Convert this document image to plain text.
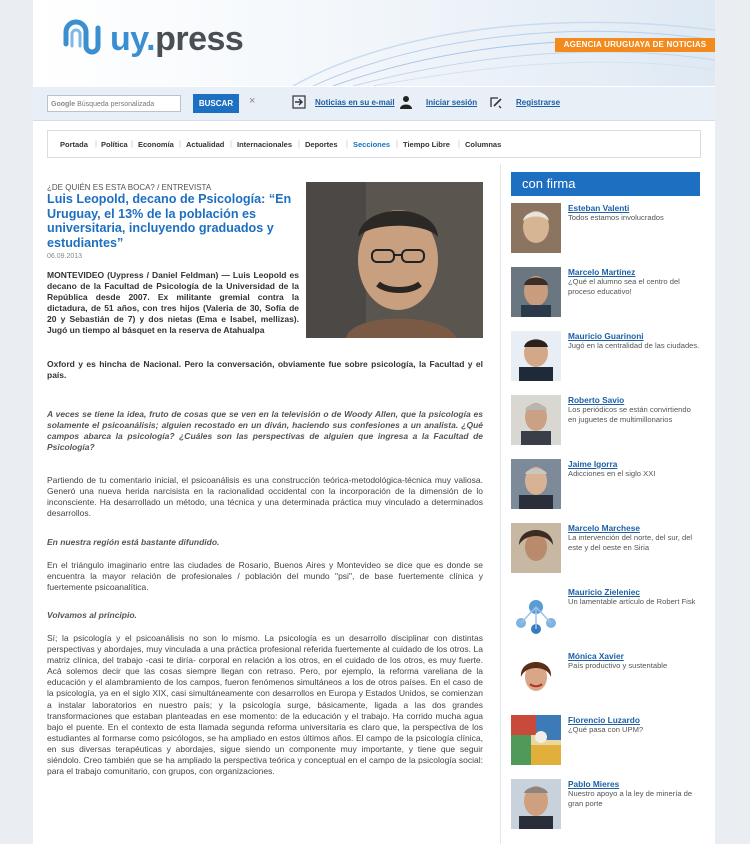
uy.press	AGENCIA URUGUAYA DE NOTICIAS
Google Búsqueda personalizada	BUSCAR	×	Noticias en su e-mail	Iniciar sesión	Registrarse
Portada | Política | Economía | Actualidad | Internacionales | Deportes | Secciones | Tiempo Libre | Columnas
¿DE QUIÉN ES ESTA BOCA? / ENTREVISTA
Luis Leopold, decano de Psicología: “En Uruguay, el 13% de la población es universitaria, incluyendo graduados y estudiantes”
06.09.2013

MONTEVIDEO (Uypress / Daniel Feldman) — Luis Leopold es decano de la Facultad de Psicología de la Universidad de la República desde 2007. Ex militante gremial contra la dictadura, de 51 años, con tres hijos (Valeria de 30, Sofía de 20 y Sebastián de 7) y dos nietas (Ema e Isabel, mellizas). Jugó un tiempo al básquet en la reserva de Atahualpa

Oxford y es hincha de Nacional. Pero la conversación, obviamente fue sobre psicología, la Facultad y el país.

A veces se tiene la idea, fruto de cosas que se ven en la televisión o de Woody Allen, que la psicología es solamente el psicoanálisis; alguien recostado en un diván, haciendo sus confesiones a un analista. ¿Qué campos abarca la psicología? ¿Cuáles son las perspectivas de alguien que ingresa a la Facultad de Psicología?

Partiendo de tu comentario inicial, el psicoanálisis es una construcción teórica-metodológica-técnica muy valiosa. Generó una nueva herida narcisista en la racionalidad occidental con la incorporación de la dimensión de lo inconsciente. Ha desarrollado un método, una técnica y una determinada práctica muy vinculado a determinados desarrollos.

En nuestra región está bastante difundido.

En el triángulo imaginario entre las ciudades de Rosario, Buenos Aires y Montevideo se dice que es donde se encuentra la mayor relación de profesionales / población del mundo "psi", de base fuertemente clínica y fuertemente psicoanalítica.

Volvamos al principio.

Sí; la psicología y el psicoanálisis no son lo mismo. La psicología es un desarrollo disciplinar con distintas perspectivas y abordajes, muy vinculada a una práctica profesional referida fuertemente al cuidado de los otros. La matriz clínica, del trabajo -casi te diría- corporal en relación a los otros, en el cuidado de los otros, es muy fuerte. Acá solemos decir que las cosas siempre llegan con retraso. Pero, por ejemplo, la reforma vareliana de la educación y el alambramiento de los campos, fueron fenómenos simultáneos a los de otros países. En el caso de la psicología, ya en el siglo XIX, casi simultáneamente con desarrollos en Europa y Estados Unidos, se comienzan a instalar laboratorios en nuestro país; y la psicología surge, básicamente, ligada a las dos grandes transformaciones que estaban planteadas en ese momento: de la educación y el trabajo. Ha corrido mucha agua bajo el puente. En el contexto de esta llamada segunda reforma universitaria es claro que, la perspectiva de los estudiantes al formarse como psicólogos, se ha ampliado en estos últimos años. El campo de la psicología clínica, en sus diversas terapéuticas y abordajes, sigue siendo un componente muy importante, y tiene que seguir siéndolo. Creo también que se ha ampliado la perspectiva teórica y conceptual en el campo de la psicología social: para el trabajo comunitario, con grupos, con organizaciones.

con firma
Esteban Valenti
Todos estamos involucrados
Marcelo Martínez
¿Qué el alumno sea el centro del proceso educativo!
Mauricio Guarinoni
Jugó en la centralidad de las ciudades.
Roberto Savio
Los periódicos se están convirtiendo en juguetes de multimillonarios
Jaime Igorra
Adicciones en el siglo XXI
Marcelo Marchese
La intervención del norte, del sur, del este y del oeste en Siria
Mauricio Zieleniec
Un lamentable artículo de Robert Fisk
Mónica Xavier
País productivo y sustentable
Florencio Luzardo
¿Qué pasa con UPM?
Pablo Mieres
Nuestro apoyo a la ley de minería de gran porte
